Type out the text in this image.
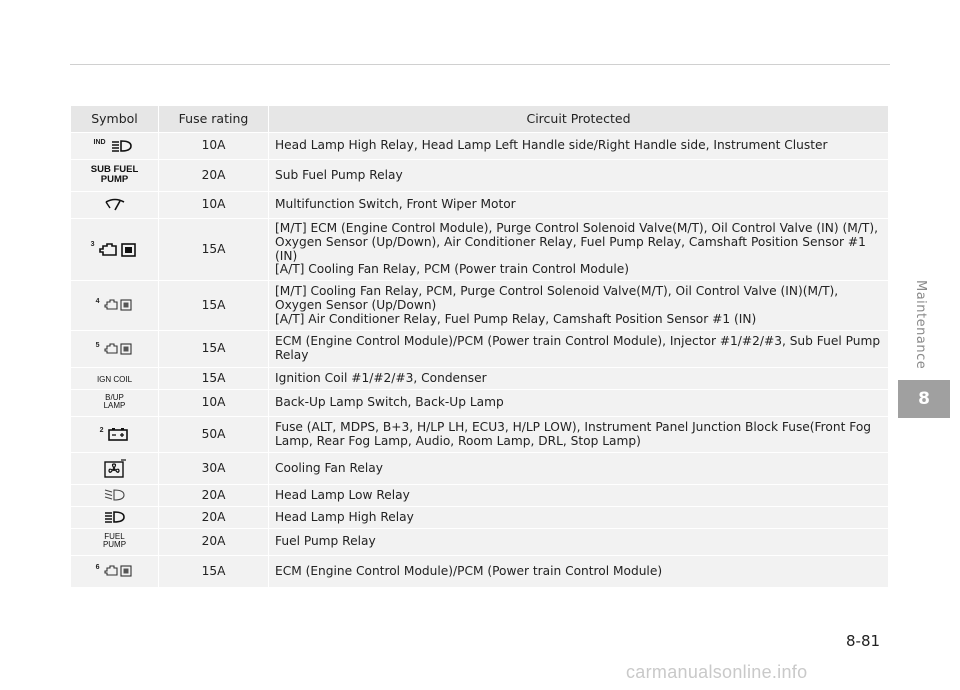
Symbol	Fuse rating	Circuit Protected
$^{IND}$	10A	Head Lamp High Relay, Head Lamp Left Handle side/Right Handle side, Instrument Cluster
SUB FUEL
PUMP	20A	Sub Fuel Pump Relay
	10A	Multifunction Switch, Front Wiper Motor
$^3$	15A	[M/T] ECM (Engine Control Module), Purge Control Solenoid Valve(M/T), Oil Control Valve (IN) (M/T), Oxygen Sensor (Up/Down), Air Conditioner Relay, Fuel Pump Relay, Camshaft Position Sensor #1 (IN)
[A/T] Cooling Fan Relay, PCM (Power train Control Module)
$^4$	15A	[M/T] Cooling Fan Relay, PCM, Purge Control Solenoid Valve(M/T), Oil Control Valve (IN)(M/T), Oxygen Sensor (Up/Down)
[A/T] Air Conditioner Relay, Fuel Pump Relay, Camshaft Position Sensor #1 (IN)
$^5$	15A	ECM (Engine Control Module)/PCM (Power train Control Module), Injector #1/#2/#3, Sub Fuel Pump Relay
IGN COIL	15A	Ignition Coil #1/#2/#3, Condenser
B/UP
LAMP	10A	Back-Up Lamp Switch, Back-Up Lamp
$^2$	50A	Fuse (ALT, MDPS, B+3, H/LP LH, ECU3, H/LP LOW), Instrument Panel Junction Block Fuse(Front Fog Lamp, Rear Fog Lamp, Audio, Room Lamp, DRL, Stop Lamp)
	30A	Cooling Fan Relay
	20A	Head Lamp Low Relay
	20A	Head Lamp High Relay
FUEL
PUMP	20A	Fuel Pump Relay
$^6$	15A	ECM (Engine Control Module)/PCM (Power train Control Module)
Maintenance
8
8-81
carmanualsonline.info
